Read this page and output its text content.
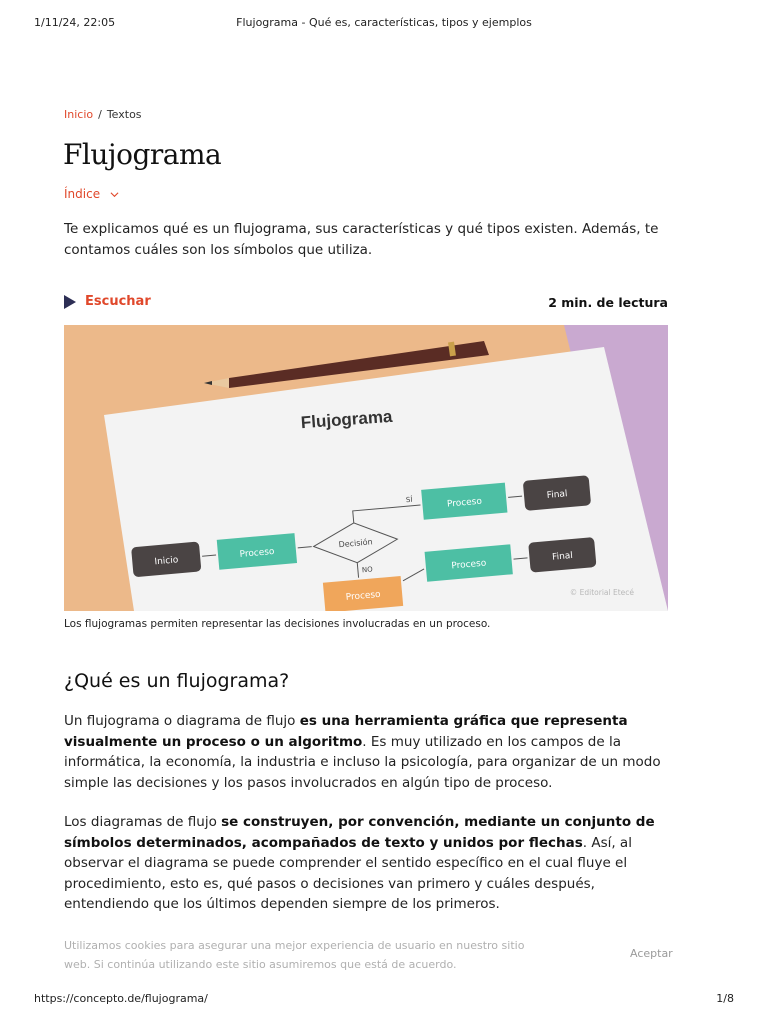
1/11/24, 22:05	Flujograma - Qué es, características, tipos y ejemplos
Inicio / Textos
Flujograma
Índice

Te explicamos qué es un flujograma, sus características y qué tipos existen. Además, te contamos cuáles son los símbolos que utiliza.

Escuchar	2 min. de lectura
Flujograma
Inicio
Proceso
Decisión
SÍ	Proceso
Final
NO
Proceso
Proceso
Final
© Editorial Etecé

Los flujogramas permiten representar las decisiones involucradas en un proceso.

¿Qué es un flujograma?

Un flujograma o diagrama de flujo es una herramienta gráfica que representa visualmente un proceso o un algoritmo. Es muy utilizado en los campos de la informática, la economía, la industria e incluso la psicología, para organizar de un modo simple las decisiones y los pasos involucrados en algún tipo de proceso.

Los diagramas de flujo se construyen, por convención, mediante un conjunto de símbolos determinados, acompañados de texto y unidos por flechas. Así, al observar el diagrama se puede comprender el sentido específico en el cual fluye el procedimiento, esto es, qué pasos o decisiones van primero y cuáles después, entendiendo que los últimos dependen siempre de los primeros.

Utilizamos cookies para asegurar una mejor experiencia de usuario en nuestro sitio web. Si continúa utilizando este sitio asumiremos que está de acuerdo.

Aceptar
https://concepto.de/flujograma/	1/8
